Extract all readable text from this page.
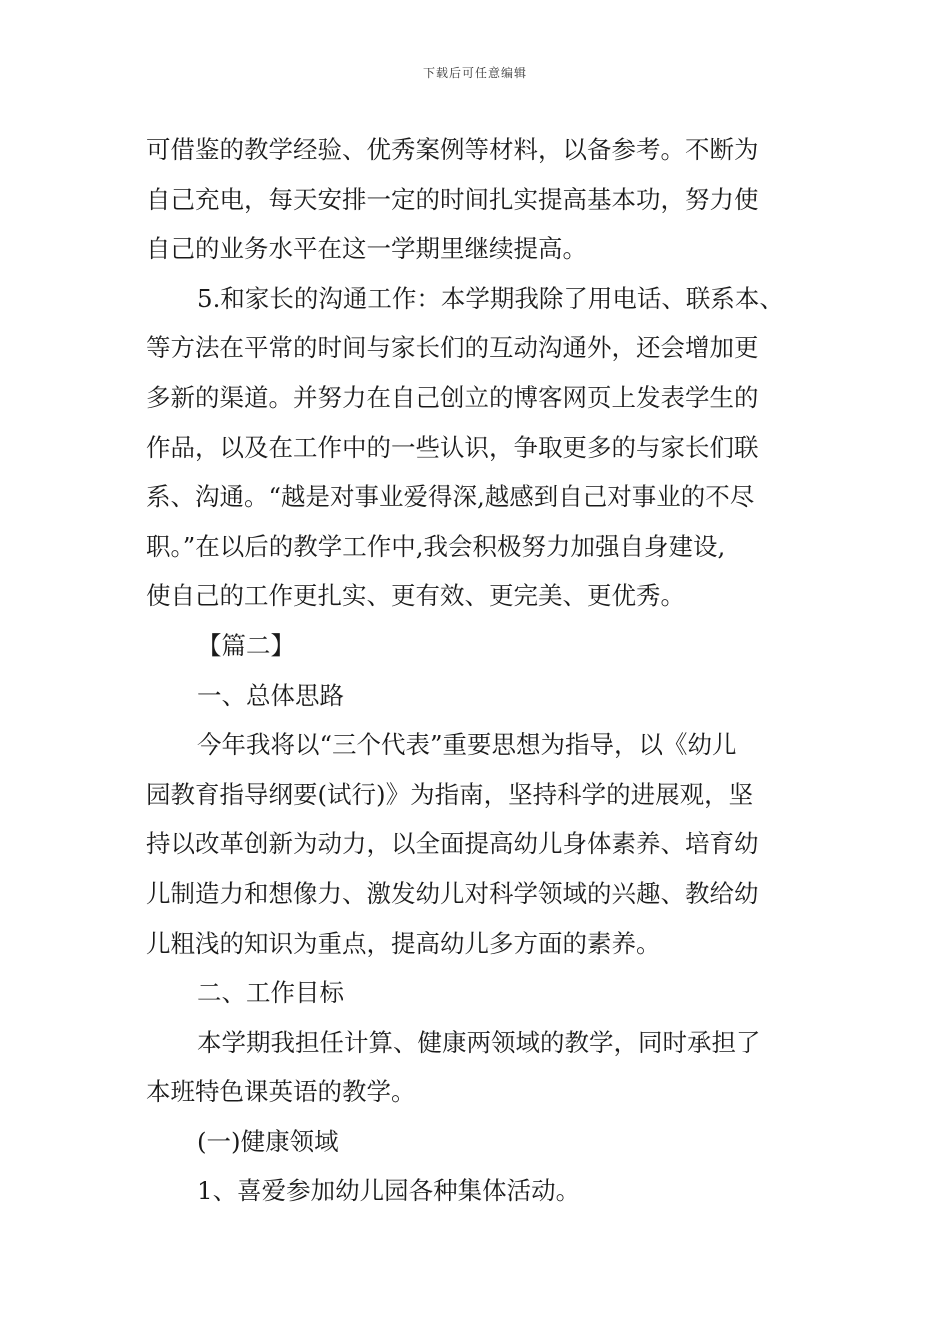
下载后可任意编辑
可借鉴的教学经验、优秀案例等材料，以备参考。不断为
自己充电，每天安排一定的时间扎实提高基本功，努力使
自己的业务水平在这一学期里继续提高。
5.和家长的沟通工作：本学期我除了用电话、联系本、
等方法在平常的时间与家长们的互动沟通外，还会增加更
多新的渠道。并努力在自己创立的博客网页上发表学生的
作品，以及在工作中的一些认识，争取更多的与家长们联
系、沟通。“越是对事业爱得深,越感到自己对事业的不尽
职。”在以后的教学工作中,我会积极努力加强自身建设,
使自己的工作更扎实、更有效、更完美、更优秀。
【篇二】
一、总体思路
今年我将以“三个代表”重要思想为指导，以《幼儿
园教育指导纲要(试行)》为指南，坚持科学的进展观，坚
持以改革创新为动力，以全面提高幼儿身体素养、培育幼
儿制造力和想像力、激发幼儿对科学领域的兴趣、教给幼
儿粗浅的知识为重点，提高幼儿多方面的素养。
二、工作目标
本学期我担任计算、健康两领域的教学，同时承担了
本班特色课英语的教学。
(一)健康领域
1、喜爱参加幼儿园各种集体活动。
